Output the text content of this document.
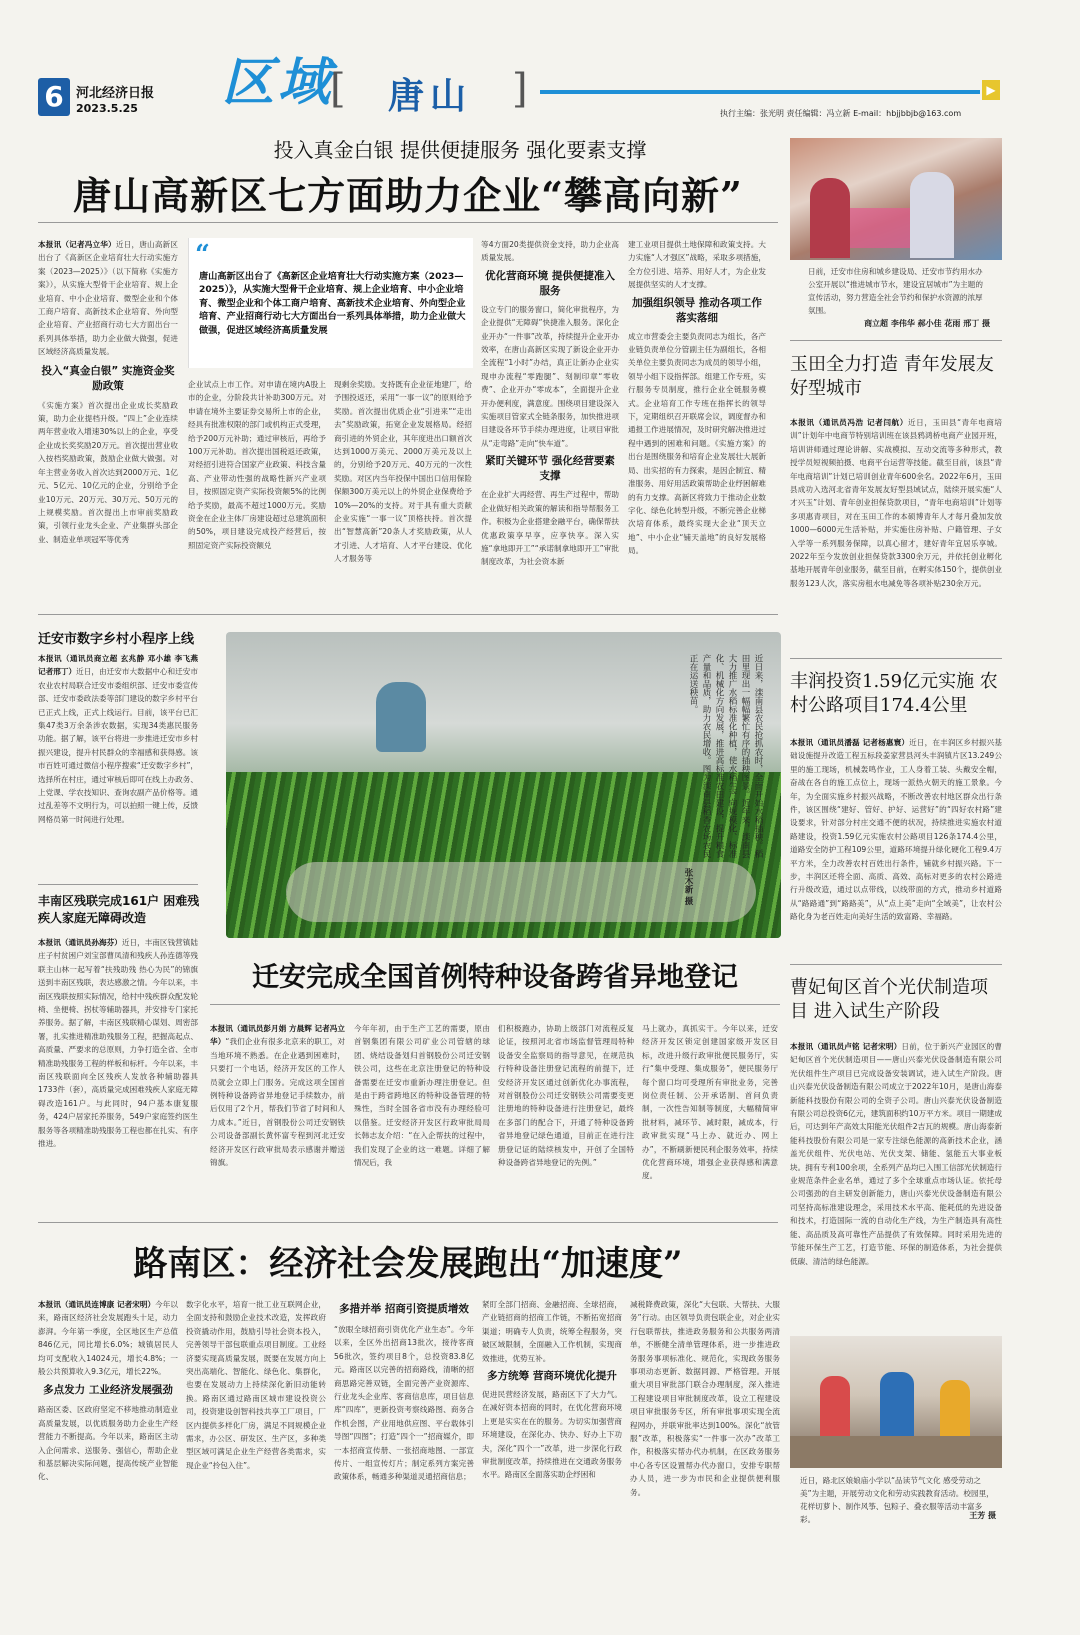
6 河北经济日报
2023.5.25 区域
[ 唐山 ]	▶
执行主编：张光明 责任编辑：冯立新 E-mail：hbjjbbjb@163.com
投入真金白银 提供便捷服务 强化要素支撑
唐山高新区七方面助力企业“攀高向新”
本报讯（记者冯立华）近日，唐山高新区出台了《高新区企业培育壮大行动实施方案（2023—2025）》（以下简称《实施方案》），从实施大型骨干企业培育、规上企业培育、中小企业培育、微型企业和个体工商户培育、高新技术企业培育、外向型企业培育、产业招商行动七大方面出台一系列具体举措，助力企业做大做强，促进区域经济高质量发展。
投入“真金白银” 实施资金奖励政策
《实施方案》首次提出企业成长奖励政策，助力企业提档升级。“四上”企业连续两年营业收入增速30%以上的企业，享受企业成长奖奖励20万元。首次提出营业收入按档奖励政策，鼓励企业做大做强。对年主营业务收入首次达到2000万元、1亿元、5亿元、10亿元的企业，分别给予企业10万元、20万元、30万元、50万元的上规模奖励。首次提出上市审前奖励政策，引领行业龙头企业、产业集群头部企业、制造业单项冠军等优秀
“
唐山高新区出台了《高新区企业培育壮大行动实施方案（2023—2025）》，从实施大型骨干企业培育、规上企业培育、中小企业培育、微型企业和个体工商户培育、高新技术企业培育、外向型企业培育、产业招商行动七大方面出台一系列具体举措，助力企业做大做强，促进区域经济高质量发展
企业试点上市工作。对申请在境内A股上市的企业，分阶段共计补助300万元。对申请在境外主要证券交易所上市的企业，经具有批准权限的部门或机构正式受理，给予200万元补助；通过审核后，再给予100万元补助。首次提出国税返还政策，对经招引进符合国家产业政策、科技含量高、产业带动性强的战略性新兴产业项目，按照固定资产实际投资额5%的比例给予奖励，最高不超过1000万元。奖励资金在企业主体厂房建设超过总建筑面积的50%，项目建设完成投产经营后，按照固定资产实际投资额兑
现剩余奖励。支持既有企业征地建厂，给予围投返还，采用“一事一议”的原则给予奖励。首次提出优质企业“引进来”“走出去”奖励政策，拓宽企业发展格局。经招商引进的外贸企业，其年度进出口额首次达到1000万美元、2000万美元及以上的，分别给予20万元、40万元的一次性奖励。对区内当年投保中国出口信用保险保额300万美元以上的外贸企业保费给予10%—20%的支持。对于具有重大贡献企业实施“一事一议”顶格扶持。首次提出“智慧高新”20条人才奖励政策，从人才引进、人才培育、人才平台建设、优化人才服务等
等4方面20类提供资金支持，助力企业高质量发展。
优化营商环境 提供便捷准入服务
设立专门的服务窗口，简化审批程序，为企业提供“无障碍”快捷准入服务。深化企业开办“一件事”改革，持续提升企业开办效率，在唐山高新区实现了新设企业开办全流程“1小时”办结，真正让新办企业实现申办流程“零跑腿”、刻制印章“零收费”、企业开办“零成本”，全面提升企业开办便利度，满意度。围绕项目建设深入实施项目管家式全链条服务，加快推进项目建设各环节手续办理进度，让项目审批从“走弯路”走向“快车道”。
紧盯关键环节 强化经营要素支撑
在企业扩大再经营、再生产过程中，帮助企业做好相关政策的解读和指导帮服务工作。积极为企业搭建金融平台，确保帮扶优惠政策享早享，应享快享。深入实施“拿地即开工”“承诺制拿地即开工”审批制度改革，为社会资本新
建工业项目提供土地保障和政策支持。大力实施“人才强区”战略，采取多项措施，全方位引进、培养、用好人才，为企业发展提供坚实的人才支撑。
加强组织领导 推动各项工作落实落细
成立市营委会主要负责同志为组长，各产业链负责单位分管副主任为副组长，各相关单位主要负责同志为成员的领导小组，领导小组下设指挥部。组建工作专班，实行服务专员制度，推行企业全链服务模式。企业培育工作专班在指挥长的领导下，定期组织召开联席会议，调度督办和通报工作进展情况，及时研究解决推进过程中遇到的困难和问题。《实施方案》的出台是围绕服务和培育企业发展壮大展新局、出实招的有力探索，是因企制宜、精准服务、用好用活政策帮助企业纾困解难的有力支撑。高新区将致力于推动企业数字化、绿色化转型升级，不断完善企业梯次培育体系，最终实现大企业“顶天立地”、中小企业“铺天盖地”的良好发展格局。
日前，迁安市住房和城乡建设局、迁安市节约用水办公室开展以“推进城市节水，建设宜居城市”为主题的宣传活动，努力营造全社会节约和保护水资源的浓厚氛围。
商立超 李伟华 郝小佳 花雨 邢丁 摄
玉田全力打造 青年发展友好型城市
本报讯（通讯员冯浩 记者闫航）近日，玉田县“青年电商培训”计划年中电商节特别培训班在该县鸦鸿桥电商产业园开班，培训讲师通过理论讲解、实战模拟、互动交流等多种形式，教授学员短视频拍摄、电商平台运营等技能。截至目前，该县“青年电商培训”计划已培训创业青年600余名。2022年6月，玉田县成功入选河北省青年发展友好型县域试点，陆续开展实施“人才兴玉”计划、青年创业担保贷款项目，“青年电商培训”计划等多项惠青项目，对在玉田工作的本硕博青年人才每月叠加发放1000—6000元生活补贴，并实施住房补贴、户籍管理、子女入学等一系列服务保障，以真心留才，建好青年宜居乐享城。2022年至今发放创业担保贷款3300余万元，并依托创业孵化基地开展青年创业服务，截至目前，在孵实体150个，提供创业服务123人次，落实房租水电减免等各项补贴230余万元。
丰润投资1.59亿元实施 农村公路项目174.4公里
本报讯（通讯员潘磊 记者杨惠寰）近日，在丰润区乡村振兴基础设施提升改造工程五标段姜家营县河头丰润镇片区13.249公里的施工现场，机械轰鸣作业，工人身着工装、头戴安全帽，奋战在各自的施工点位上，现场一派热火朝天的施工景象。今年，为全面实施乡村振兴战略，不断改善农村地区群众出行条件，该区围绕“建好、管好、护好、运营好”的“四好农村路”建设要求，针对部分村庄交通不便的状况，持续推进实施农村道路建设，投资1.59亿元实施农村公路项目126条174.4公里，道路安全防护工程109公里，道路环境提升绿化硬化工程9.4万平方米，全力改善农村百姓出行条件，铺就乡村振兴路。下一步，丰润区还将全面、高质、高效、高标对更多的农村公路进行升级改造，通过以点带线，以线带面的方式，推动乡村道路从“路路通”到“路路美”，从“点上美”走向“全域美”，让农村公路化身为老百姓走向美好生活的致富路、幸福路。
曹妃甸区首个光伏制造项目 进入试生产阶段
本报讯（通讯员卢铭 记者宋明）日前，位于新兴产业园区的曹妃甸区首个光伏制造项目——唐山兴泰光伏设备制造有限公司光伏组件生产项目已完成设备安装调试，进入试生产阶段。唐山兴泰光伏设备制造有限公司成立于2022年10月，是唐山海泰新能科技股份有限公司的全资子公司。唐山兴泰光伏设备制造有限公司总投资6亿元，建筑面积约10万平方米。项目一期建成后，可达到年产高效太阳能光伏组件2吉瓦的规模。唐山海泰新能科技股份有限公司是一家专注绿色能源的高新技术企业，涵盖光伏组件、光伏电站、光伏支架、储能、氢能五大事业板块。拥有专利100余项，全系列产品均已入围工信部光伏制造行业规范条件企业名单，通过了多个全球重点市场认证。依托母公司强劲的自主研发创新能力，唐山兴泰光伏设备制造有限公司坚持高标准建设理念，采用技术水平高、能耗低的先进设备和技术，打造国际一流的自动化生产线，为生产制造具有高性能、高品质及高可靠性产品提供了有效保障。同时采用先进的节能环保生产工艺，打造节能、环保的制造体系，为社会提供低碳、清洁的绿色能源。
迁安市数字乡村小程序上线
本报讯（通讯员商立超 玄兆静 邓小雄 李飞燕 记者邢丁）近日，由迁安市大数据中心和迁安市农业农村局联合迁安市委组织部、迁安市委宣传部、迁安市委政法委等部门建设的数字乡村平台已正式上线，正式上线运行。目前，该平台已汇集47类3万余条涉农数据，实现34类惠民服务功能。据了解，该平台将进一步推进迁安市乡村振兴建设，提升村民群众的幸福感和获得感。该市百姓可通过微信小程序搜索“迁安数字乡村”，选择所在村庄，通过审核后即可在线上办政务、上党课、学农技知识、查询农副产品价格等。通过乱差等不文明行为，可以拍照一键上传，反馈网格员第一时间进行处理。
丰南区残联完成161户 困难残疾人家庭无障碍改造
本报讯（通讯员孙海芬）近日，丰南区钱营镇陆庄子村贫困户刘宝部曹凤清和残疾人孙连德等残联主山林一起写着“扶残助残 热心为民”的锦旗送到丰南区残联，表达感激之情。今年以来，丰南区残联按照实际情况，给村中残疾群众配发轮椅、坐便椅、拐杖等辅助器具，并安排专门家托养服务。据了解，丰南区残联精心谋划、周密部署，扎实推进精准助残服务工程，把握高起点、高质量、严要求的总原则，力争打造全省、全市精准助残服务工程的样板和标杆。今年以来，丰南区残联面向全区残疾人发放各种辅助器具1733件（套），高质量完成困难残疾人家庭无障碍改造161户。与此同时，94户基本康复服务，424户居家托养服务，549户家庭签约医生服务等各项精准助残服务工程也都在扎实、有序推进。
近日来，滦南县农民抢抓农时，全面开始水稻插秧。稻田里现出一幅幅繁忙有序的插秧图景。近年来，滦南县大力推广水稻标准化种植，使水稻生产向规模化、标准化、机械化方向发展，推进高标准农田建设，提升粮食产量和品质，助力农民增收。图为滦南县稻香农场农民正在运送秧苗。
张木新 摄
迁安完成全国首例特种设备跨省异地登记
本报讯（通讯员彭月娟 方晨辉 记者冯立华）“我们企业有很多北京来的职工，对当地环境不熟悉。在企业遇到困难时，只要打一个电话，经济开发区的工作人员就会立即上门服务。完成这项全国首例特种设备跨省异地登记手续数办，前后仅用了2个月，帮我们节省了时间和人力成本。”近日，首钢股份公司迁安钢铁公司设备部副长黄怀富专程到河北迁安经济开发区行政审批局表示感谢并赠送锦旗。
今年年初，由于生产工艺的需要，原由首钢集团有限公司矿业公司管辖的球团、烧结设备划归首钢股份公司迁安钢铁公司，这些在北京注册登记的特种设备需要在迁安市重新办理注册登记。但是由于跨省跨地区的特种设备管理的特殊性，当时全国各省市没有办理经验可以借鉴。迁安经济开发区行政审批局局长韩志友介绍：“在入企帮扶的过程中，我们发现了企业的这一难题。详细了解情况后，我
们积极跑办，协助上级部门对流程反复论证，按照河北省市场监督管理局特种设备安全监察局的指导意见，在规范执行特种设备注册登记流程的前提下，迁安经济开发区通过创新优化办事流程，对首钢股份公司迁安钢铁公司需要变更注册地的特种设备进行注册登记，最终在多部门的配合下，开通了特种设备跨省异地登记绿色通道，目前正在进行注册登记证的陆续核发中，开创了全国特种设备跨省异地登记的先例。”
马上就办，真抓实干。今年以来，迁安经济开发区锁定创建国家级开发区目标，改进升级行政审批便民服务厅，实行“集中受理、集成服务”，便民服务厅每个窗口均可受理所有审批业务，完善岗位责任制、公开承诺制、首问负责制，一次性告知制等制度，大幅精简审批材料，减环节、减时限，减成本，行政审批实现“马上办、就近办、网上办”，不断刷新便民利企服务效率，持续优化营商环境，增强企业获得感和满意度。
路南区：经济社会发展跑出“加速度”
本报讯（通讯员连博康 记者宋明）今年以来，路南区经济社会发展跑头十足，动力澎湃。今年第一季度，全区地区生产总值846亿元，同比增长6.0%；城镇居民人均可支配收入14024元，增长4.8%；一般公共预算收入9.3亿元，增长22%。
多点发力 工业经济发展强劲
路南区委、区政府坚定不移地推动制造业高质量发展，以优质服务助力企业生产经营能力不断提高。今年以来，路南区主动入企问需求、送服务、强信心，帮助企业和基层解决实际问题，提高传统产业智能化、
数字化水平，培育一批工业互联网企业，全面支持和鼓励企业技术改造，发挥政府投资撬动作用，鼓励引导社会资本投入，完善领导干部包联重点项目制度。工业经济要实现高质量发展，既要在发展方向上突出高端化、智能化、绿色化、集群化，也要在发展动力上持续深化新旧动能转换。路南区通过路南区城市建设投资公司，投资建设创智科技共享工厂项目，厂区内提供多样化厂房，满足不同规模企业需求，办公区、研发区、生产区，多种类型区域可满足企业生产经营各类需求，实现企业“拎包入住”。
多措并举 招商引资提质增效
“放眼全球招商引资优化产业生态”。今年以来，全区外出招商13批次，接待客商56批次，签约项目8个，总投资83.8亿元。路南区以完善的招商路线，清晰的招商思路完善双链，全面完善产业资源库、行业龙头企业库、客商信息库，项目信息库“四库”，更新投资考察线路图、商务合作机会图，产业用地供应图、平台载体引导图“四图”；打造“四个一”招商媒介，即一本招商宣传册、一张招商地图、一部宣传片、一组宣传灯片；制定系列方案完善政策体系，畅通多种渠道灵通招商信息；
紧盯全部门招商、金融招商、全球招商，产业链招商的招商工作链，不断拓宽招商渠道；明确专人负责，统筹全程服务，突破区域限制，全面融入工作机制，实现商效推进，优势互补。
多方统筹 营商环境优化提升
促进民营经济发展，路南区下了大力气。在减好资本招商的同时，在优化营商环境上更是实实在在的服务。为切实加强营商环境建设，在深化办、快办、好办上下功夫，深化“四个一”改革，进一步深化行政审批制度改革，持续推进在交通政务服务水平。路南区全面落实助企纾困和
减税降费政策，深化“大包联、大帮扶、大服务”行动。由区领导负责包联企业，对企业实行包联帮扶，推进政务服务和公共服务两清单，不断健全清单管理体系，进一步推进政务服务事项标准化、规范化，实现政务服务事项动态更新、数据同源、严格管理。开展重大项目审批部门联合办理制度，深入推进工程建设项目审批制度改革，设立工程建设项目审批服务专区，所有审批事项实现全流程网办，并联审批率达到100%。深化“放管服”改革，积极落实“一件事一次办”改革工作，积极落实帮办代办机制，在区政务服务中心各专区设置帮办代办窗口，安排专职帮办人员，进一步为市民和企业提供便利服务。
近日，路北区娘娘庙小学以“品读节气文化 感受劳动之美”为主题，开展劳动文化和劳动实践教育活动。校园里，花样切萝卜、制作风筝、包粽子、叠衣服等活动丰富多彩。	王芳 摄
